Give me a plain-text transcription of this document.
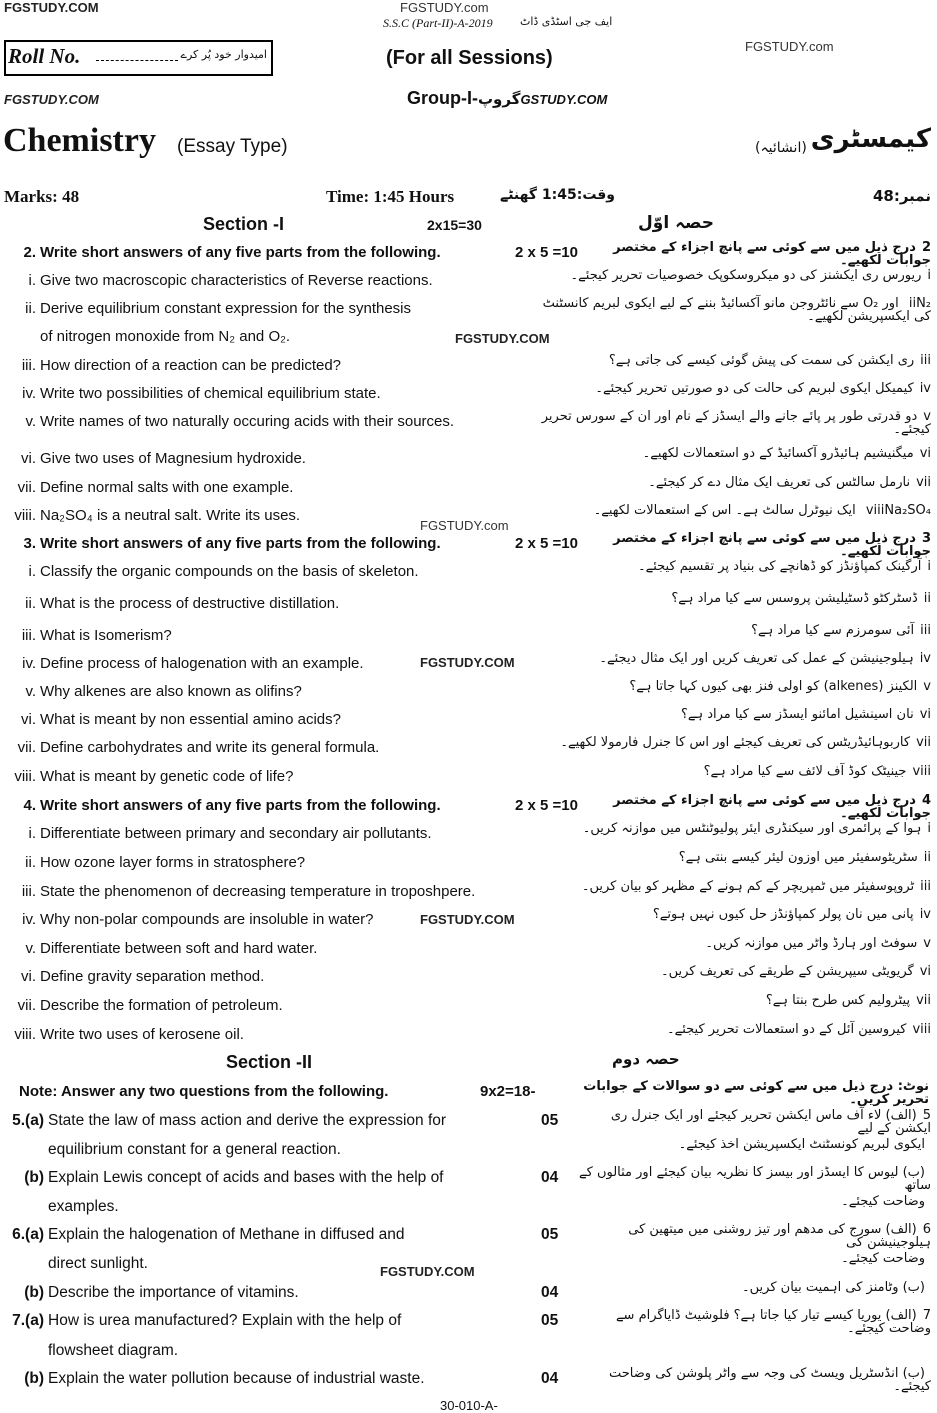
FGSTUDY.COM	FGSTUDY.com
S.S.C (Part-II)-A-2019 ایف جی اسٹڈی ڈاٹ
FGSTUDY.com
Roll No.	امیدوار خود پُر کرے	(For all Sessions)
FGSTUDY.COM	Group-I-گروپGSTUDY.COM
Chemistry (Essay Type)	کیمسٹری
(انشائیہ)
Marks: 48	Time: 1:45 Hours	وقت:1:45 گھنٹے	نمبر:48
Section -I	2x15=30	حصہ اوّل
FGSTUDY.COM
FGSTUDY.com
FGSTUDY.COM
FGSTUDY.COM
FGSTUDY.COM
Section -II	حصہ دوم
Note: Answer any two questions from the following.	9x2=18-	نوٹ: درج ذیل میں سے کوئی سے دو سوالات کے جوابات تحریر کریں۔
30-010-A-
2. Write short answers of any five parts from the following.	2 x 5 =10	2درج ذیل میں سے کوئی سے پانچ اجزاء کے مختصر جوابات لکھیے۔
i. Give two macroscopic characteristics of Reverse reactions.	iریورس ری ایکشنز کی دو میکروسکوپک خصوصیات تحریر کیجئے۔
ii. Derive equilibrium constant expression for the synthesis	iiN₂ اور O₂ سے نائٹروجن مانو آکسائیڈ بننے کے لیے ایکوی لبریم کانسٹنٹ کی ایکسپریشن لکھیے۔
of nitrogen monoxide from N₂ and O₂.
iii. How direction of a reaction can be predicted?	iiiری ایکشن کی سمت کی پیش گوئی کیسے کی جاتی ہے؟
iv. Write two possibilities of chemical equilibrium state.	ivکیمیکل ایکوی لبریم کی حالت کی دو صورتیں تحریر کیجئے۔
v. Write names of two naturally occuring acids with their sources.	vدو قدرتی طور پر پائے جانے والے ایسڈز کے نام اور ان کے سورس تحریر کیجئے۔
vi. Give two uses of Magnesium hydroxide.	viمیگنیشیم ہائیڈرو آکسائیڈ کے دو استعمالات لکھیے۔
vii. Define normal salts with one example.	viiنارمل سالٹس کی تعریف ایک مثال دے کر کیجئے۔
viii. Na₂SO₄ is a neutral salt. Write its uses.	viiiNa₂SO₄ ایک نیوٹرل سالٹ ہے۔ اس کے استعمالات لکھیے۔
3. Write short answers of any five parts from the following.	2 x 5 =10	3درج ذیل میں سے کوئی سے پانچ اجزاء کے مختصر جوابات لکھیے۔
i. Classify the organic compounds on the basis of skeleton.	iآرگینک کمپاؤنڈز کو ڈھانچے کی بنیاد پر تقسیم کیجئے۔
ii. What is the process of destructive distillation.	iiڈسٹرکٹو ڈسٹیلیشن پروسس سے کیا مراد ہے؟
iii. What is Isomerism?	iiiآئی سومرزم سے کیا مراد ہے؟
iv. Define process of halogenation with an example.	ivہیلوجینیشن کے عمل کی تعریف کریں اور ایک مثال دیجئے۔
v. Why alkenes are also known as olifins?	vالکینز (alkenes) کو اولی فنز بھی کیوں کہا جاتا ہے؟
vi. What is meant by non essential amino acids?	viنان اسینشیل امائنو ایسڈز سے کیا مراد ہے؟
vii. Define carbohydrates and write its general formula.	viiکاربوہائیڈریٹس کی تعریف کیجئے اور اس کا جنرل فارمولا لکھیے۔
viii. What is meant by genetic code of life?	viiiجینیٹک کوڈ آف لائف سے کیا مراد ہے؟
4. Write short answers of any five parts from the following.	2 x 5 =10	4درج ذیل میں سے کوئی سے پانچ اجزاء کے مختصر جوابات لکھیے۔
i. Differentiate between primary and secondary air pollutants.	iہوا کے پرائمری اور سیکنڈری ایئر پولیوٹنٹس میں موازنہ کریں۔
ii. How ozone layer forms in stratosphere?	iiسٹریٹوسفیئر میں اوزون لیئر کیسے بنتی ہے؟
iii. State the phenomenon of decreasing temperature in troposhpere.	iiiٹروپوسفیئر میں ٹمپریچر کے کم ہونے کے مظہر کو بیان کریں۔
iv. Why non-polar compounds are insoluble in water?	ivپانی میں نان پولر کمپاؤنڈز حل کیوں نہیں ہوتے؟
v. Differentiate between soft and hard water.	vسوفٹ اور ہارڈ واٹر میں موازنہ کریں۔
vi. Define gravity separation method.	viگریویٹی سیپریشن کے طریقے کی تعریف کریں۔
vii. Describe the formation of petroleum.	viiپیٹرولیم کس طرح بنتا ہے؟
viii. Write two uses of kerosene oil.	viiiکیروسین آئل کے دو استعمالات تحریر کیجئے۔
5.(a) State the law of mass action and derive the expression for	05	5(الف) لاء آف ماس ایکشن تحریر کیجئے اور ایک جنرل ری ایکشن کے لیے
equilibrium constant for a general reaction.	ایکوی لبریم کونسٹنٹ ایکسپریشن اخذ کیجئے۔
(b) Explain Lewis concept of acids and bases with the help of	04 (ب) لیوس کا ایسڈز اور بیسز کا نظریہ بیان کیجئے اور مثالوں کے ساتھ
examples.	وضاحت کیجئے۔
6.(a) Explain the halogenation of Methane in diffused and	05	6(الف) سورج کی مدھم اور تیز روشنی میں میتھین کی ہیلوجینیشن کی
direct sunlight.	وضاحت کیجئے۔
(b) Describe the importance of vitamins.	04	(ب) وٹامنز کی اہمیت بیان کریں۔
7.(a) How is urea manufactured? Explain with the help of	05	7(الف) یوریا کیسے تیار کیا جاتا ہے؟ فلوشیٹ ڈایاگرام سے وضاحت کیجئے۔
flowsheet diagram.
(b) Explain the water pollution because of industrial waste.	04	(ب) انڈسٹریل ویسٹ کی وجہ سے واٹر پلوشن کی وضاحت کیجئے۔
